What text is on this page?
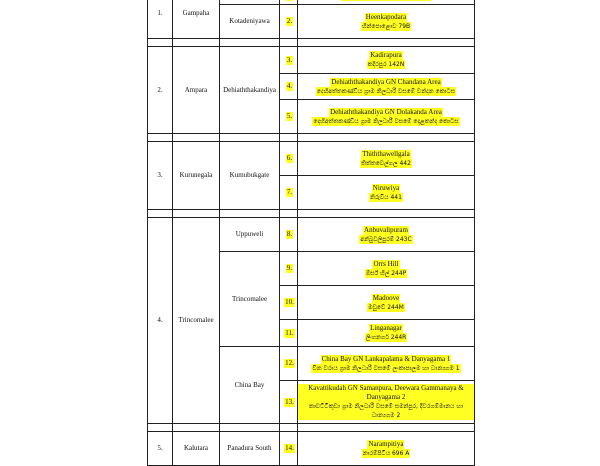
1.	Gampaha			

		Kotadeniyawa	2.	Heenkapodara
හීන්පොළොව 79B

2.	Ampara	Dehiaththakandiya	3.	Kadirapura
කදිරපුර 142N

			4.	Dehiaththakandiya GN Chandana Area
දෙහිඅත්තකණ්ඩිය ග්‍රාම නිලධාරී වසමේ චන්දන කොටස

			5.	Dehiaththakandiya GN Dolakanda Area
දෙහිඅත්තකණ්ඩිය ග්‍රාම නිලධාරී වසමේ දොළකන්ද කොටස

3.	Kurunegala	Kumubukgate	6.	Thiththawellgala
තිත්තවෙල්ගල 442

			7.	Niruwiya
නිරුවිය 441

4.	Trincomalee	Uppuweli	8.	Anbuvalipuram
අන්බුවලිපුරම් 243C

		Trincomalee	9.	Orrs Hill
ඕර්ස් හිල් 244P

			10.	Madoove
මඩුවේ 244M

			11.	Linganagar
ලිංගනගර් 244R

		China Bay	12.	China Bay GN Lankapalama & Danyagama 1
චීන වරාය ග්‍රාම නිලධාරී වසමේ ලංකාපාලම හා ධාන්‍යගම 1

			13.	Kavattikudah GN Samanpura, Deewara Gammanaya & Danyagama 2
කාවට්ටිකුඩා ග්‍රාම නිලධාරී වසමේ සමන්පුර, දීවරගම්මානය හා ධාන්‍යගම 2

5.	Kalutara	Panadura South	14.	Narampitiya
නාරම්පිටිය 696 A
